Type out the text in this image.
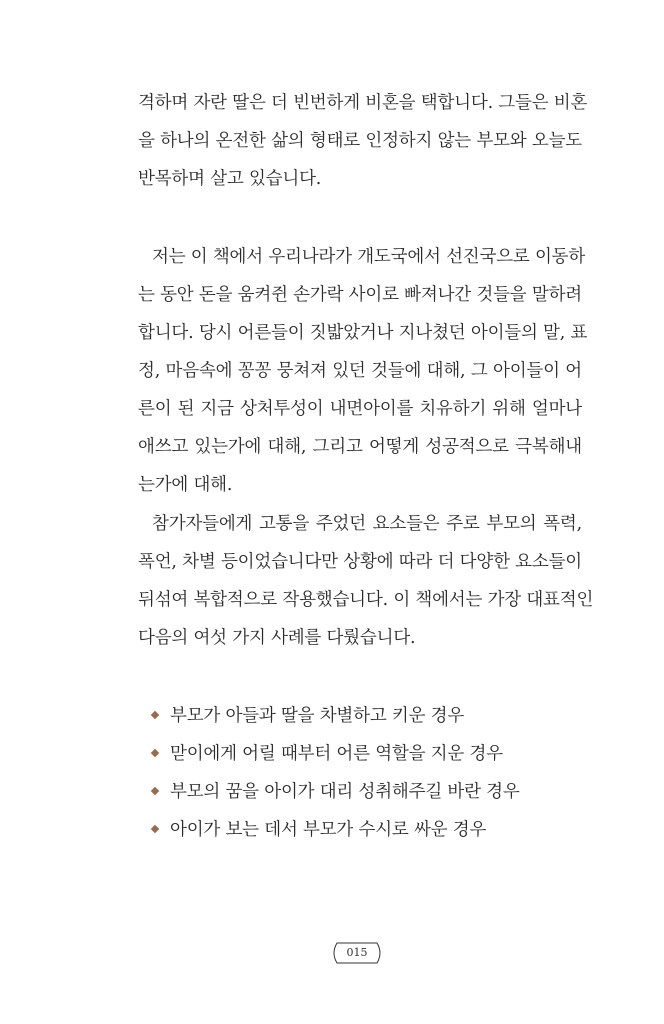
격하며 자란 딸은 더 빈번하게 비혼을 택합니다. 그들은 비혼
을 하나의 온전한 삶의 형태로 인정하지 않는 부모와 오늘도
반목하며 살고 있습니다.
저는 이 책에서 우리나라가 개도국에서 선진국으로 이동하
는 동안 돈을 움켜쥔 손가락 사이로 빠져나간 것들을 말하려
합니다. 당시 어른들이 짓밟았거나 지나쳤던 아이들의 말, 표
정, 마음속에 꽁꽁 뭉쳐져 있던 것들에 대해, 그 아이들이 어
른이 된 지금 상처투성이 내면아이를 치유하기 위해 얼마나
애쓰고 있는가에 대해, 그리고 어떻게 성공적으로 극복해내
는가에 대해.
참가자들에게 고통을 주었던 요소들은 주로 부모의 폭력,
폭언, 차별 등이었습니다만 상황에 따라 더 다양한 요소들이
뒤섞여 복합적으로 작용했습니다. 이 책에서는 가장 대표적인
다음의 여섯 가지 사례를 다뤘습니다.
부모가 아들과 딸을 차별하고 키운 경우
맏이에게 어릴 때부터 어른 역할을 지운 경우
부모의 꿈을 아이가 대리 성취해주길 바란 경우
아이가 보는 데서 부모가 수시로 싸운 경우
015
